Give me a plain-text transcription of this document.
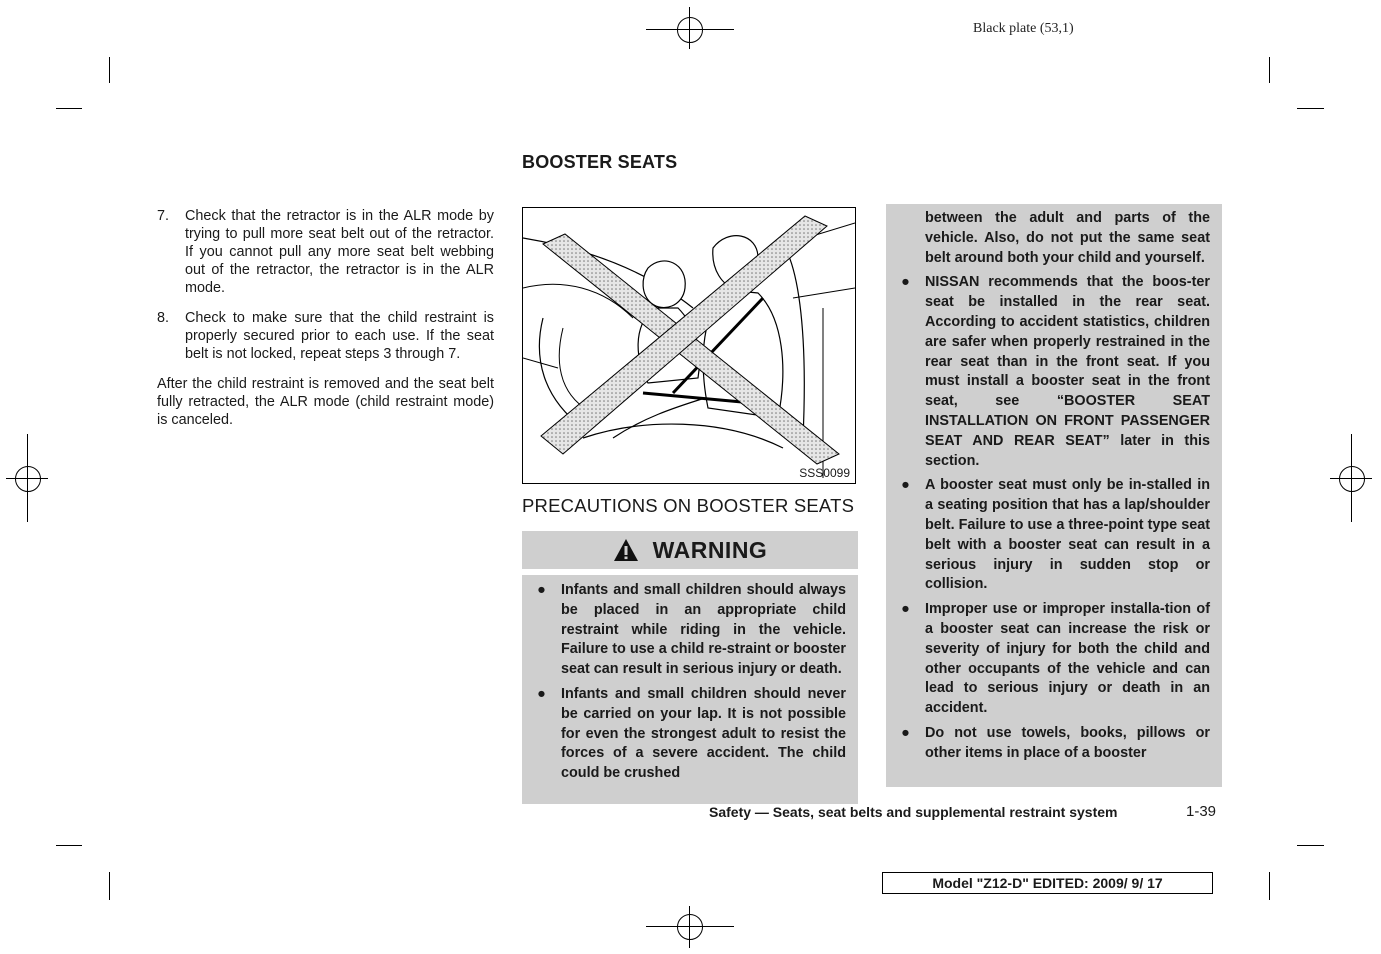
Black plate (53,1)
BOOSTER SEATS
7.	Check that the retractor is in the ALR mode by trying to pull more seat belt out of the retractor. If you cannot pull any more seat belt webbing out of the retractor, the retractor is in the ALR mode.
8.	Check to make sure that the child restraint is properly secured prior to each use. If the seat belt is not locked, repeat steps 3 through 7.
After the child restraint is removed and the seat belt fully retracted, the ALR mode (child restraint mode) is canceled.
SSS0099
PRECAUTIONS ON BOOSTER SEATS
WARNING
●	Infants and small children should always be placed in an appropriate child restraint while riding in the vehicle. Failure to use a child re-straint or booster seat can result in serious injury or death.
●	Infants and small children should never be carried on your lap. It is not possible for even the strongest adult to resist the forces of a severe accident. The child could be crushed
between the adult and parts of the vehicle. Also, do not put the same seat belt around both your child and yourself.
●	NISSAN recommends that the boos-ter seat be installed in the rear seat. According to accident statistics, children are safer when properly restrained in the rear seat than in the front seat. If you must install a booster seat in the front seat, see “BOOSTER SEAT INSTALLATION ON FRONT PASSENGER SEAT AND REAR SEAT” later in this section.
●	A booster seat must only be in-stalled in a seating position that has a lap/shoulder belt. Failure to use a three-point type seat belt with a booster seat can result in a serious injury in sudden stop or collision.
●	Improper use or improper installa-tion of a booster seat can increase the risk or severity of injury for both the child and other occupants of the vehicle and can lead to serious injury or death in an accident.
●	Do not use towels, books, pillows or other items in place of a booster
Safety — Seats, seat belts and supplemental restraint system	1-39
Model "Z12-D" EDITED: 2009/ 9/ 17
